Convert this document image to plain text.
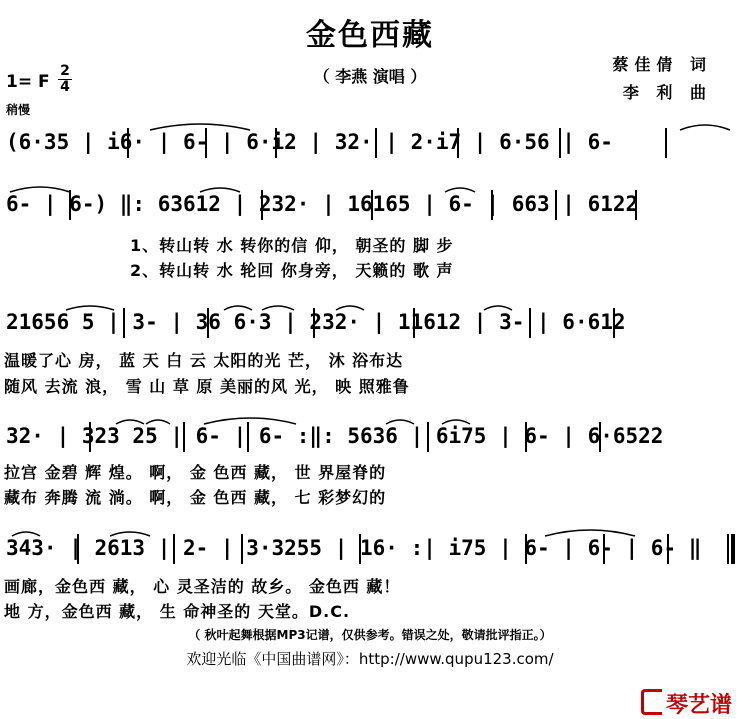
金色西藏
（ 李燕 演唱 ）
蔡佳倩 词
李 利 曲
1= F
2
4
稍慢
(6·35 | i6· | 6- | 6·i2 | 32· | 2·i7 | 6·56 | 6-
6- | 6-) ‖: 63612 | 232· | 16165 | 6- | 663 | 6122
1、转山转 水 转你的信 仰， 朝圣的 脚 步
2、转山转 水 轮回 你身旁， 天籁的 歌 声
21656 5 | 3- | 36 6·3 | 232· | 11612 | 3- | 6·612
温暖了心 房， 蓝 天 白 云 太阳的光 芒， 沐 浴布达
随风 去流 浪， 雪 山 草 原 美丽的风 光， 映 照雅鲁
32· | 323 25 | 6- | 6- :‖: 5636 | 6i75 | 6- | 6·6522
拉宫 金碧 辉 煌。 啊， 金 色西 藏， 世 界屋脊的
藏布 奔腾 流 淌。 啊， 金 色西 藏， 七 彩梦幻的
343· | 2613 | 2- | 3·3255 | 16· :| i75 | 6- | 6- | 6- ‖
画廊，金色西 藏， 心 灵圣洁的 故乡。 金色西 藏！
地 方，金色西 藏， 生 命神圣的 天堂。D.C.
（ 秋叶起舞根据MP3记谱，仅供参考。错误之处，敬请批评指正。）
欢迎光临《中国曲谱网》：http://www.qupu123.com/
琴艺谱
